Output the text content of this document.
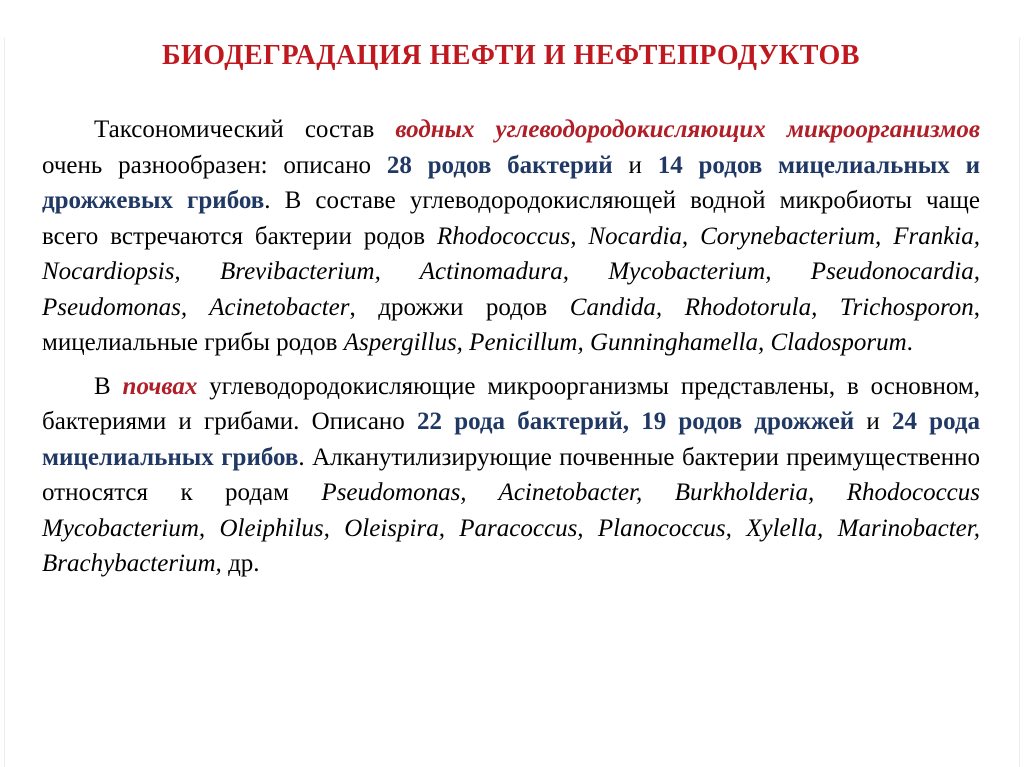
БИОДЕГРАДАЦИЯ НЕФТИ И НЕФТЕПРОДУКТОВ

Таксономический состав водных углеводородокисляющих микроорганизмов очень разнообразен: описано 28 родов бактерий и 14 родов мицелиальных и дрожжевых грибов. В составе углеводородокисляющей водной микробиоты чаще всего встречаются бактерии родов Rhodococcus, Nocardia, Corynebacterium, Frankia, Nocardiopsis, Brevibacterium, Actinomadura, Mycobacterium, Pseudonocardia, Pseudomonas, Acinetobacter, дрожжи родов Candida, Rhodotorula, Trichosporon, мицелиальные грибы родов Aspergillus, Penicillum, Gunninghamella, Cladosporum.

В почвах углеводородокисляющие микроорганизмы представлены, в основном, бактериями и грибами. Описано 22 рода бактерий, 19 родов дрожжей и 24 рода мицелиальных грибов. Алканутилизирующие почвенные бактерии преимущественно относятся к родам Pseudomonas, Acinetobacter, Burkholderia, Rhodococcus Mycobacterium, Oleiphilus, Oleispira, Paracoccus, Planococcus, Xylella, Marinobacter, Brachybacterium, др.
